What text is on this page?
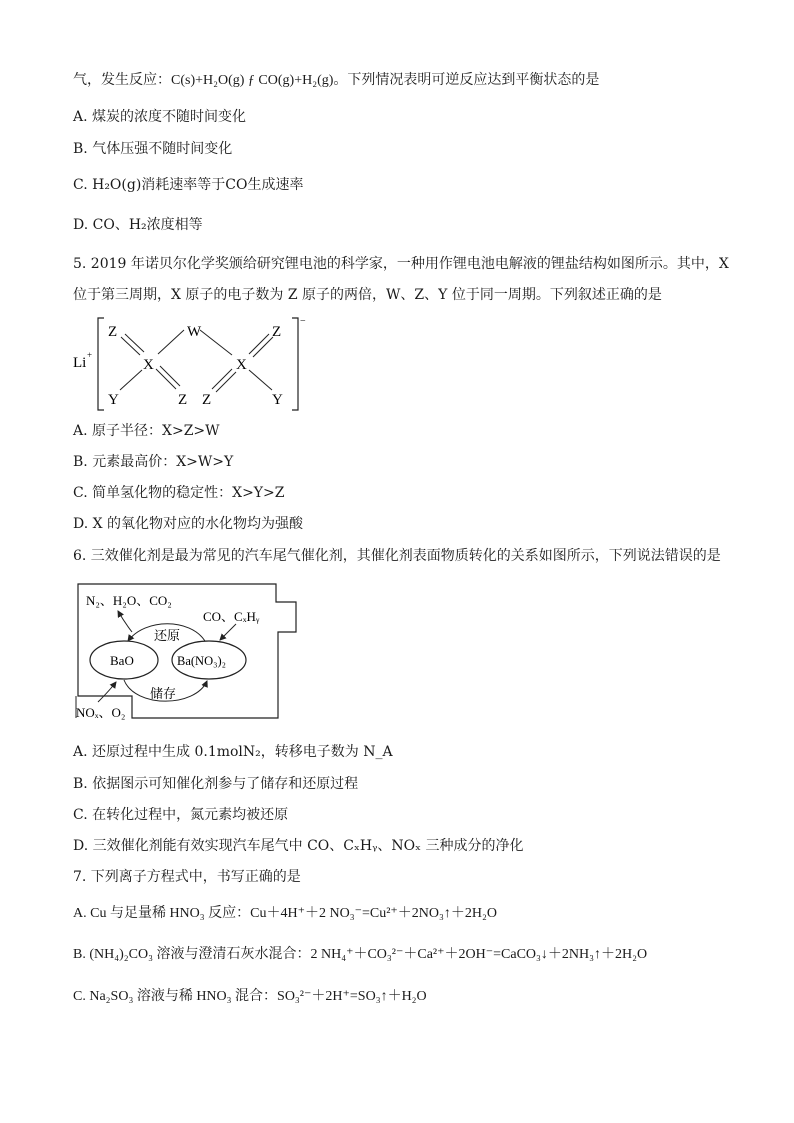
气，发生反应：C(s)+H₂O(g) ƒ CO(g)+H₂(g)。下列情况表明可逆反应达到平衡状态的是
A. 煤炭的浓度不随时间变化
B. 气体压强不随时间变化
C. H₂O(g)消耗速率等于CO生成速率
D. CO、H₂浓度相等
5. 2019 年诺贝尔化学奖颁给研究锂电池的科学家，一种用作锂电池电解液的锂盐结构如图所示。其中，X
位于第三周期，X 原子的电子数为 Z 原子的两倍，W、Z、Y 位于同一周期。下列叙述正确的是
Li +
−
Z	W	Z
X	X
Y	Z Z	Y
A. 原子半径：X>Z>W
B. 元素最高价：X>W>Y
C. 简单氢化物的稳定性：X>Y>Z
D. X 的氧化物对应的水化物均为强酸
6. 三效催化剂是最为常见的汽车尾气催化剂，其催化剂表面物质转化的关系如图所示，下列说法错误的是
N₂、H₂O、CO₂
CO、CₓHᵧ
还原
储存
BaO	Ba(NO₃)₂
NOₓ、O₂
A. 还原过程中生成 0.1molN₂，转移电子数为 N_A
B. 依据图示可知催化剂参与了储存和还原过程
C. 在转化过程中，氮元素均被还原
D. 三效催化剂能有效实现汽车尾气中 CO、CₓHᵧ、NOₓ 三种成分的净化
7. 下列离子方程式中，书写正确的是
A. Cu 与足量稀 HNO₃ 反应：Cu＋4H⁺＋2 NO₃⁻=Cu²⁺＋2NO₃↑＋2H₂O
B. (NH₄)₂CO₃ 溶液与澄清石灰水混合：2 NH₄⁺＋CO₃²⁻＋Ca²⁺＋2OH⁻=CaCO₃↓＋2NH₃↑＋2H₂O
C. Na₂SO₃ 溶液与稀 HNO₃ 混合：SO₃²⁻＋2H⁺=SO₃↑＋H₂O
